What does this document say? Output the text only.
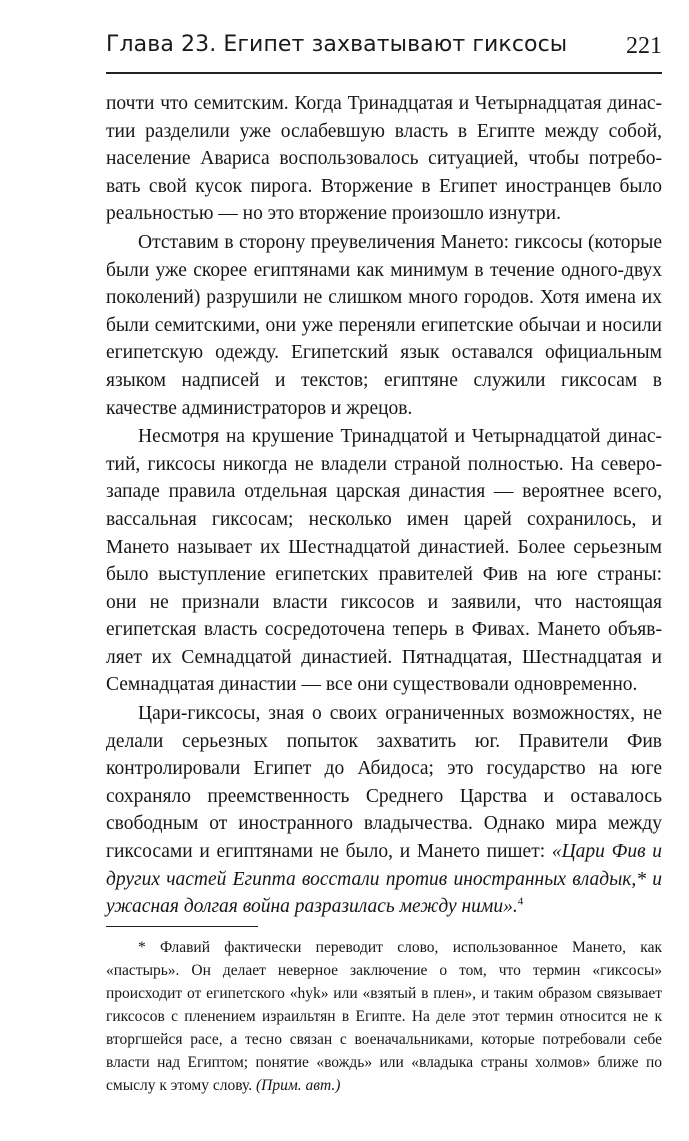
Глава 23. Египет захватывают гиксосы 221

почти что семитским. Когда Тринадцатая и Четырнадцатая династии разделили уже ослабевшую власть в Египте между собой, население Авариса воспользовалось ситуацией, чтобы потребовать свой кусок пирога. Вторжение в Египет иностранцев было реальностью — но это вторжение произошло изнутри.

Отставим в сторону преувеличения Мането: гиксосы (которые были уже скорее египтянами как минимум в течение одного-двух поколений) разрушили не слишком много городов. Хотя имена их были семитскими, они уже переняли египетские обычаи и носили египетскую одежду. Египетский язык оставался официальным языком надписей и текстов; египтяне служили гиксосам в качестве администраторов и жрецов.

Несмотря на крушение Тринадцатой и Четырнадцатой династий, гиксосы никогда не владели страной полностью. На северо-западе правила отдельная царская династия — вероятнее всего, вассальная гиксосам; несколько имен царей сохранилось, и Мането называет их Шестнадцатой династией. Более серьезным было выступление египетских правителей Фив на юге страны: они не признали власти гиксосов и заявили, что настоящая египетская власть сосредоточена теперь в Фивах. Мането объявляет их Семнадцатой династией. Пятнадцатая, Шестнадцатая и Семнадцатая династии — все они существовали одновременно.

Цари-гиксосы, зная о своих ограниченных возможностях, не делали серьезных попыток захватить юг. Правители Фив контролировали Египет до Абидоса; это государство на юге сохраняло преемственность Среднего Царства и оставалось свободным от иностранного владычества. Однако мира между гиксосами и египтянами не было, и Мането пишет: «Цари Фив и других частей Египта восстали против иностранных владык,* и ужасная долгая война разразилась между ними».$^4$

* Флавий фактически переводит слово, использованное Мането, как «пастырь». Он делает неверное заключение о том, что термин «гиксосы» происходит от египетского «hyk» или «взятый в плен», и таким образом связывает гиксосов с пленением израильтян в Египте. На деле этот термин относится не к вторгшейся расе, а тесно связан с военачальниками, которые потребовали себе власти над Египтом; понятие «вождь» или «владыка страны холмов» ближе по смыслу к этому слову. (Прим. авт.)
